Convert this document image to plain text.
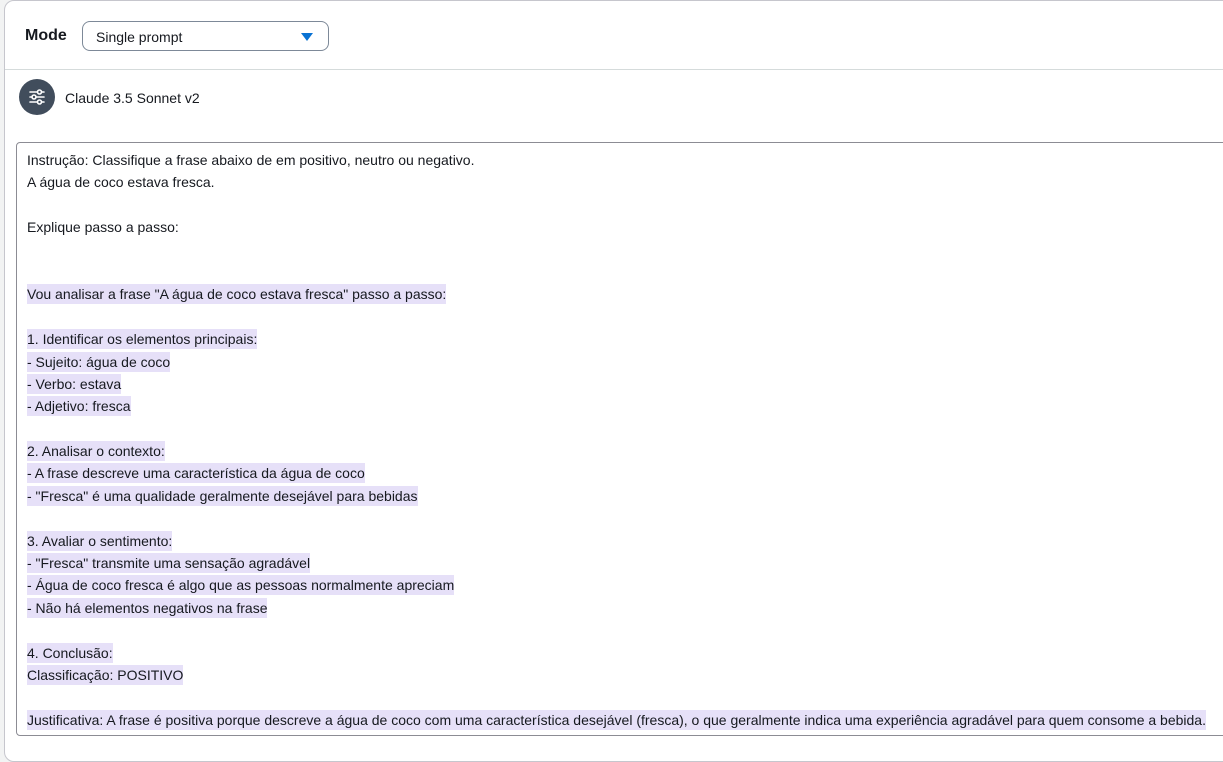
Mode Single prompt
Claude 3.5 Sonnet v2
Instrução: Classifique a frase abaixo de em positivo, neutro ou negativo.
A água de coco estava fresca.
Explique passo a passo:
Vou analisar a frase "A água de coco estava fresca" passo a passo:
1. Identificar os elementos principais:
- Sujeito: água de coco
- Verbo: estava
- Adjetivo: fresca
2. Analisar o contexto:
- A frase descreve uma característica da água de coco
- "Fresca" é uma qualidade geralmente desejável para bebidas
3. Avaliar o sentimento:
- "Fresca" transmite uma sensação agradável
- Água de coco fresca é algo que as pessoas normalmente apreciam
- Não há elementos negativos na frase
4. Conclusão:
Classificação: POSITIVO
Justificativa: A frase é positiva porque descreve a água de coco com uma característica desejável (fresca), o que geralmente indica uma experiência agradável para quem consome a bebida.
